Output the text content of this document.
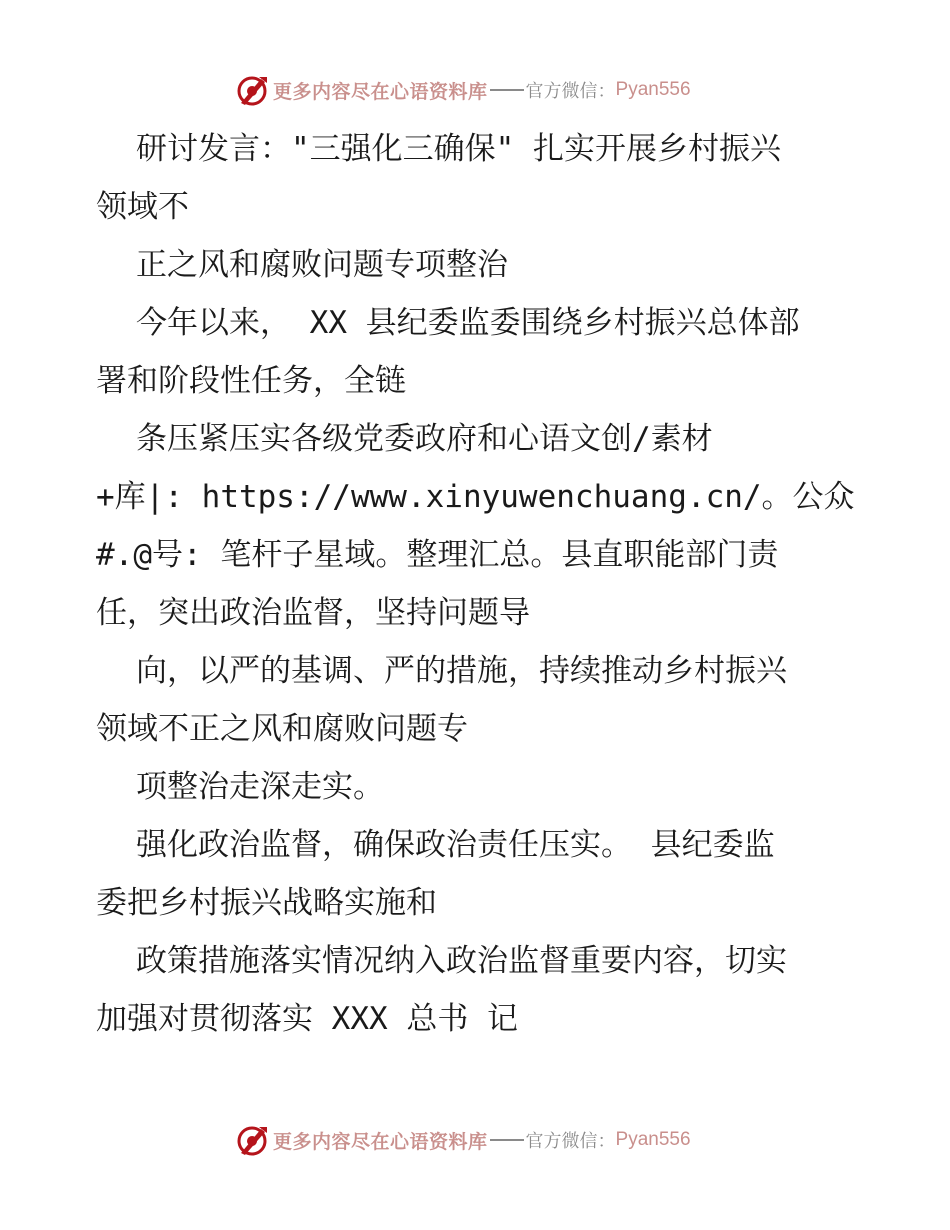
更多内容尽在心语资料库 官方微信： Pyan556
研讨发言："三强化三确保" 扎实开展乡村振兴
领域不
正之风和腐败问题专项整治
今年以来， XX 县纪委监委围绕乡村振兴总体部
署和阶段性任务，全链
条压紧压实各级党委政府和心语文创/素材
+库|: https://www.xinyuwenchuang.cn/。公众
#.@号: 笔杆子星域。整理汇总。县直职能部门责
任，突出政治监督，坚持问题导
向，以严的基调、严的措施，持续推动乡村振兴
领域不正之风和腐败问题专
项整治走深走实。
强化政治监督，确保政治责任压实。 县纪委监
委把乡村振兴战略实施和
政策措施落实情况纳入政治监督重要内容，切实
加强对贯彻落实 XXX 总书 记
更多内容尽在心语资料库 官方微信： Pyan556
